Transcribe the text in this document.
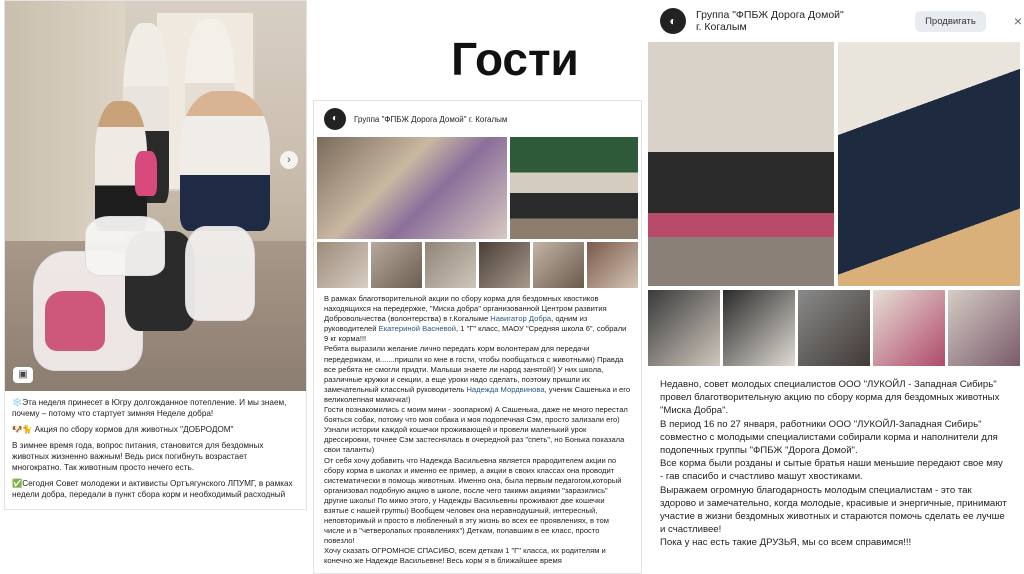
▣
›

❄️Эта неделя принесет в Югру долгожданное потепление. И мы знаем, почему – потому что стартует зимняя Неделе добра!

🐶🐈 Акция по сбору кормов для животных "ДОБРОДОМ"

В зимнее время года, вопрос питания, становится для бездомных животных жизненно важным! Ведь риск погибнуть возрастает многократно. Так животным просто нечего есть.

✅Сегодня Совет молодежи и активисты Ортъягунского ЛПУМГ, в рамках недели добра, передали в пункт сбора корм и необходимый расходный

Гости
◐	Группа "ФПБЖ Дорога Домой" г. Когалым
В рамках благотворительной акции по сбору корма для бездомных хвостиков находящихся на передержке, "Миска добра" организованной Центром развития Добровольчества (волонтерства) в г.Когалыме Навигатор Добра, одним из руководителей Екатериной Васневой, 1 "Г" класс, МАОУ "Средняя школа 6", собрали 9 кг корма!!!
Ребята выразили желание лично передать корм волонтерам для передачи передержкам, и.......пришли ко мне в гости, чтобы пообщаться с животными) Правда все ребята не смогли придти. Малыши знаете ли народ занятой!) У них школа, различные кружки и секции, а еще уроки надо сделать, поэтому пришли их замечательный классный руководитель Надежда Мордвинова, ученик Сашенька и его великолепная мамочка!)
Гости познакомились с моим мини - зоопарком) А Сашенька, даже не много перестал бояться собак, потому что моя собака и моя подопечная Сэм, просто зализали его) Узнали истории каждой кошечки проживающей и провели маленький урок дрессировки, точнее Сэм застеснялась в очередной раз "спеть", но Бонька показала свои таланты)
От себя хочу добавить что Надежда Васильевна является прародителем акции по сбору корма в школах и именно ее пример, а акции в своих классах она проводит систематически в помощь животным. Именно она, была первым педагогом,который организовал подобную акцию в школе, после чего такими акциями "заразились" другие школы! По мимо этого, у Надежды Васильевны проживают две кошечки взятые с нашей группы) Вообщем человек она неравнодушный, интересный, неповторимый и просто в любленный в эту жизнь во всех ее проявлениях, в том числе и в "четверолапых проявлениях") Деткам, попавшим в ее класс, просто повезло!
Хочу сказать ОГРОМНОЕ СПАСИБО, всем деткам 1 "Г" класса, их родителям и конечно же Надежде Васильевне! Весь корм я в ближайшее время
◐	Группа "ФПБЖ Дорога Домой" г. Когалым	Продвигать	×

Недавно, совет молодых специалистов ООО "ЛУКОЙЛ - Западная Сибирь" провел благотворительную акцию по сбору корма для бездомных животных "Миска Добра".

В период 16 по 27 января, работники ООО "ЛУКОЙЛ-Западная Сибирь" совместно с молодыми специалистами собирали корма и наполнители для подопечных группы "ФПБЖ "Дорога Домой".

Все корма были розданы и сытые братья наши меньшие передают свое мяу - гав спасибо и счастливо машут хвостиками.

Выражаем огромную благодарность молодым специалистам - это так здорово и замечательно, когда молодые, красивые и энергичные, принимают участие в жизни бездомных животных и стараются помочь сделать ее лучше и счастливее!

Пока у нас есть такие ДРУЗЬЯ, мы со всем справимся!!!
